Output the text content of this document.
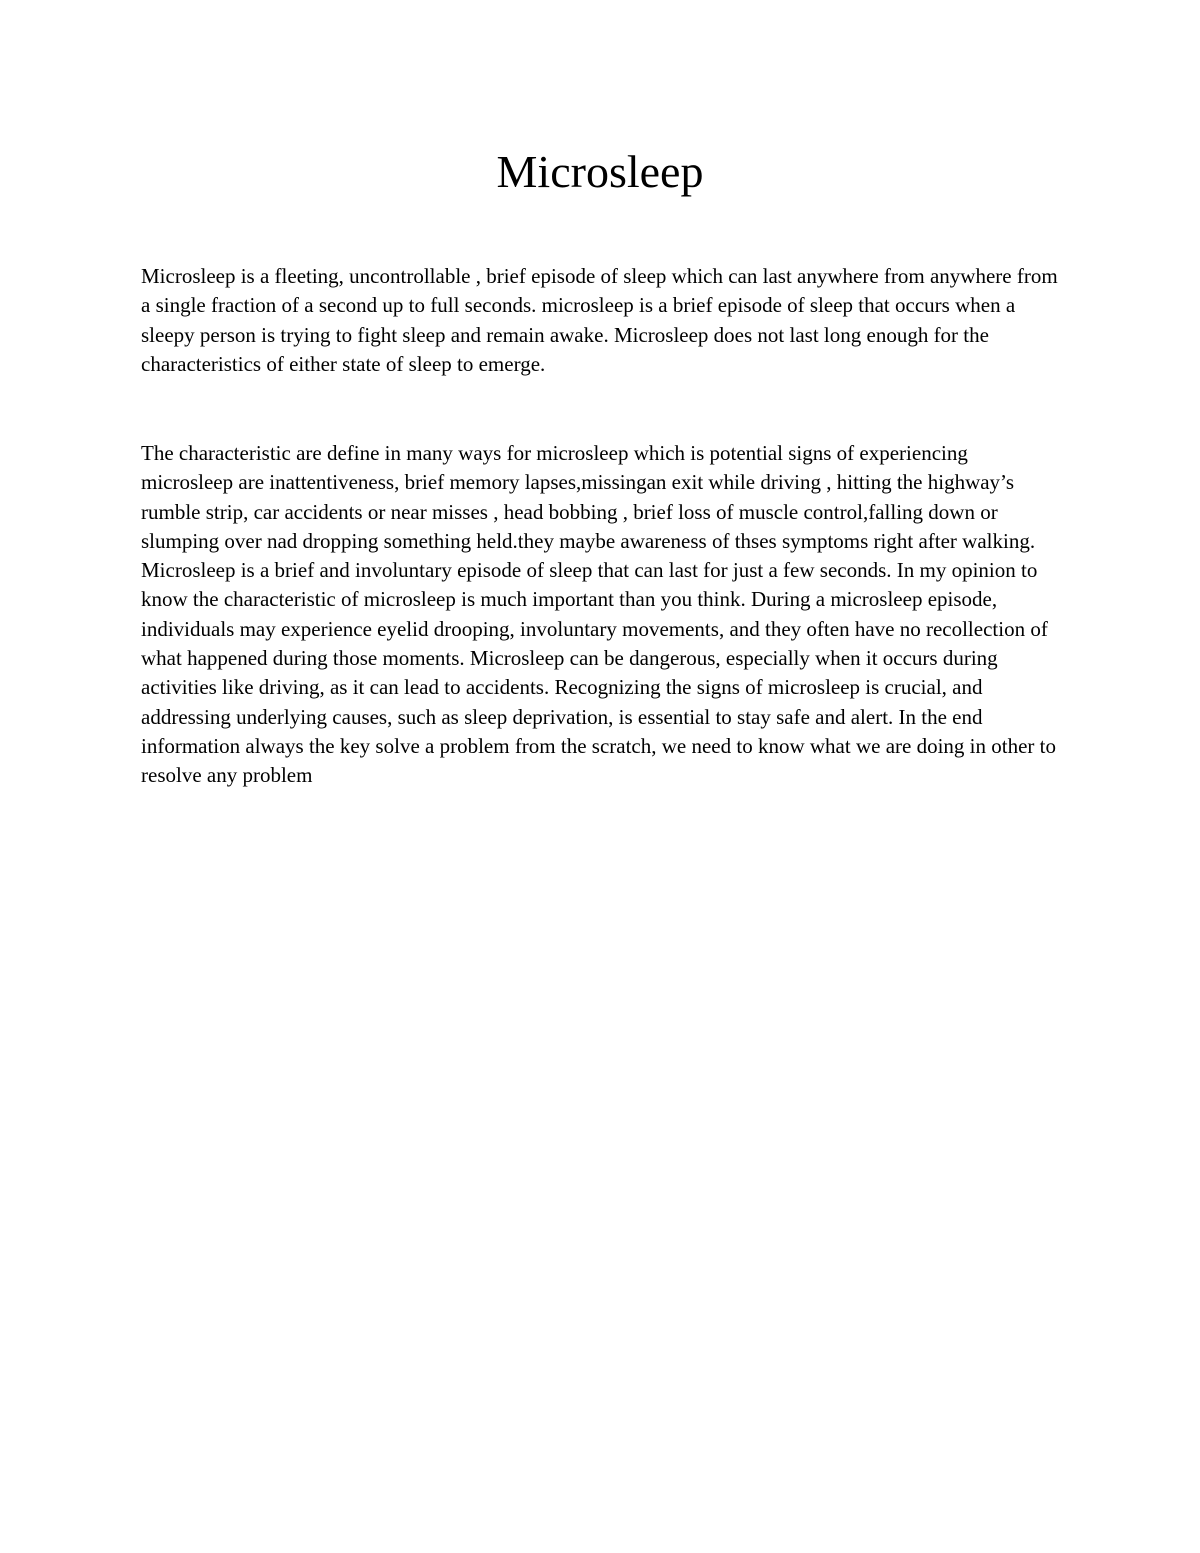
Microsleep

Microsleep is a fleeting, uncontrollable , brief episode of sleep which can last anywhere from anywhere from a single fraction of a second up to full seconds. microsleep is a brief episode of sleep that occurs when a sleepy person is trying to fight sleep and remain awake. Microsleep does not last long enough for the characteristics of either state of sleep to emerge.

The characteristic are define in many ways for microsleep which is potential signs of experiencing microsleep are inattentiveness, brief memory lapses,missingan exit while driving , hitting the highway’s rumble strip, car accidents or near misses , head bobbing , brief loss of muscle control,falling down or slumping over nad dropping something held.they maybe awareness of thses symptoms right after walking. Microsleep is a brief and involuntary episode of sleep that can last for just a few seconds. In my opinion to know the characteristic of microsleep is much important than you think. During a microsleep episode, individuals may experience eyelid drooping, involuntary movements, and they often have no recollection of what happened during those moments. Microsleep can be dangerous, especially when it occurs during activities like driving, as it can lead to accidents. Recognizing the signs of microsleep is crucial, and addressing underlying causes, such as sleep deprivation, is essential to stay safe and alert. In the end information always the key solve a problem from the scratch, we need to know what we are doing in other to resolve any problem
